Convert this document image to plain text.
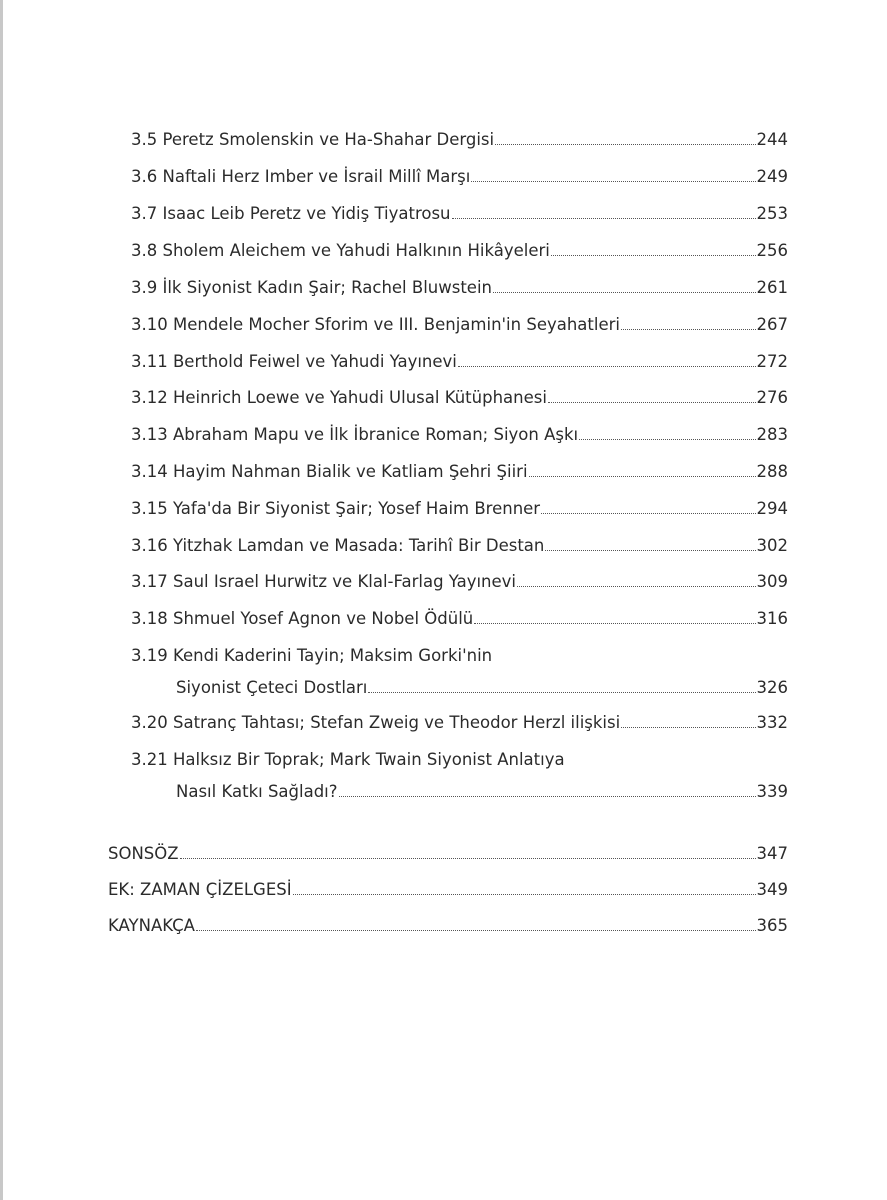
3.5 Peretz Smolenskin ve Ha-Shahar Dergisi	244
3.6 Naftali Herz Imber ve İsrail Millî Marşı	249
3.7 Isaac Leib Peretz ve Yidiş Tiyatrosu	253
3.8 Sholem Aleichem ve Yahudi Halkının Hikâyeleri	256
3.9 İlk Siyonist Kadın Şair; Rachel Bluwstein	261
3.10 Mendele Mocher Sforim ve III. Benjamin'in Seyahatleri	267
3.11 Berthold Feiwel ve Yahudi Yayınevi	272
3.12 Heinrich Loewe ve Yahudi Ulusal Kütüphanesi	276
3.13 Abraham Mapu ve İlk İbranice Roman; Siyon Aşkı	283
3.14 Hayim Nahman Bialik ve Katliam Şehri Şiiri	288
3.15 Yafa'da Bir Siyonist Şair; Yosef Haim Brenner	294
3.16 Yitzhak Lamdan ve Masada: Tarihî Bir Destan	302
3.17 Saul Israel Hurwitz ve Klal-Farlag Yayınevi	309
3.18 Shmuel Yosef Agnon ve Nobel Ödülü	316
3.19 Kendi Kaderini Tayin; Maksim Gorki'nin
Siyonist Çeteci Dostları	326
3.20 Satranç Tahtası; Stefan Zweig ve Theodor Herzl ilişkisi	332
3.21 Halksız Bir Toprak; Mark Twain Siyonist Anlatıya
Nasıl Katkı Sağladı?	339
SONSÖZ	347
EK: ZAMAN ÇİZELGESİ	349
KAYNAKÇA	365
